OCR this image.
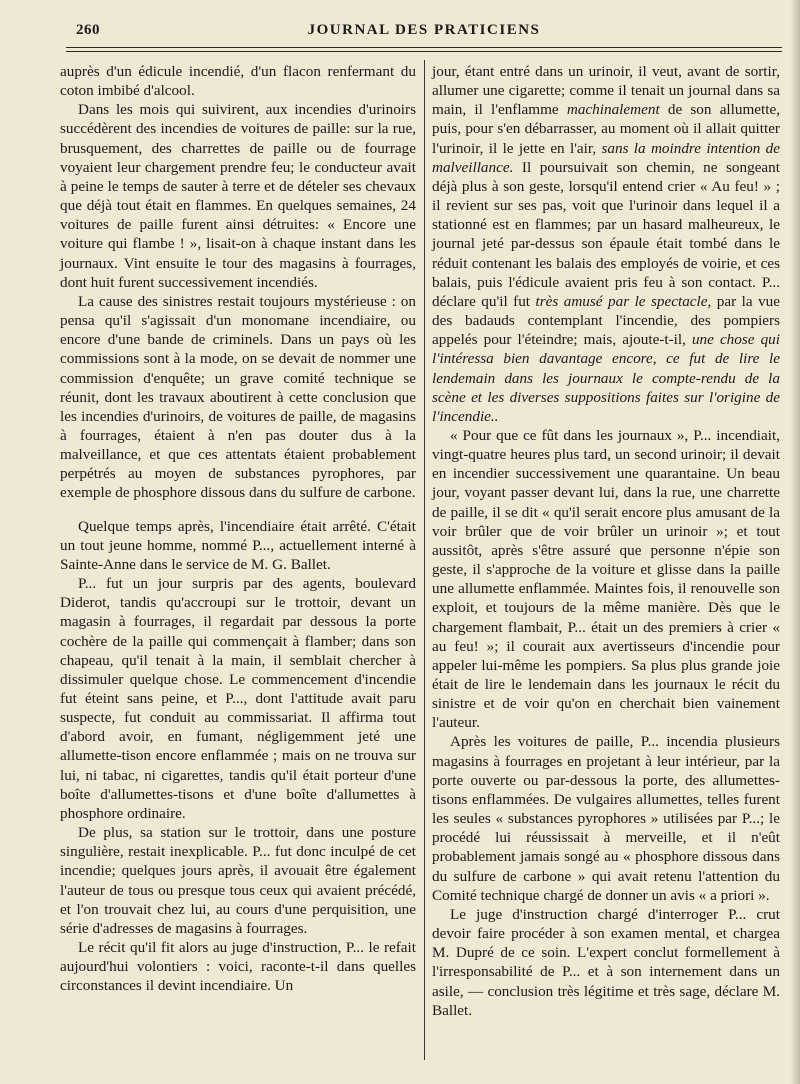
260	JOURNAL DES PRATICIENS

auprès d'un édicule incendié, d'un flacon renfermant du coton imbibé d'alcool.

Dans les mois qui suivirent, aux incendies d'urinoirs succédèrent des incendies de voitures de paille: sur la rue, brusquement, des charrettes de paille ou de fourrage voyaient leur chargement prendre feu; le conducteur avait à peine le temps de sauter à terre et de dételer ses chevaux que déjà tout était en flammes. En quelques semaines, 24 voitures de paille furent ainsi détruites: « Encore une voiture qui flambe ! », lisait-on à chaque instant dans les journaux. Vint ensuite le tour des magasins à fourrages, dont huit furent successivement incendiés.

La cause des sinistres restait toujours mystérieuse : on pensa qu'il s'agissait d'un monomane incendiaire, ou encore d'une bande de criminels. Dans un pays où les commissions sont à la mode, on se devait de nommer une commission d'enquête; un grave comité technique se réunit, dont les travaux aboutirent à cette conclusion que les incendies d'urinoirs, de voitures de paille, de magasins à fourrages, étaient à n'en pas douter dus à la malveillance, et que ces attentats étaient probablement perpétrés au moyen de substances pyrophores, par exemple de phosphore dissous dans du sulfure de carbone.

Quelque temps après, l'incendiaire était arrêté. C'était un tout jeune homme, nommé P..., actuellement interné à Sainte-Anne dans le service de M. G. Ballet.

P... fut un jour surpris par des agents, boulevard Diderot, tandis qu'accroupi sur le trottoir, devant un magasin à fourrages, il regardait par dessous la porte cochère de la paille qui commençait à flamber; dans son chapeau, qu'il tenait à la main, il semblait chercher à dissimuler quelque chose. Le commencement d'incendie fut éteint sans peine, et P..., dont l'attitude avait paru suspecte, fut conduit au commissariat. Il affirma tout d'abord avoir, en fumant, négligemment jeté une allumette-tison encore enflammée ; mais on ne trouva sur lui, ni tabac, ni cigarettes, tandis qu'il était porteur d'une boîte d'allumettes-tisons et d'une boîte d'allumettes à phosphore ordinaire.

De plus, sa station sur le trottoir, dans une posture singulière, restait inexplicable. P... fut donc inculpé de cet incendie; quelques jours après, il avouait être également l'auteur de tous ou presque tous ceux qui avaient précédé, et l'on trouvait chez lui, au cours d'une perquisition, une série d'adresses de magasins à fourrages.

Le récit qu'il fit alors au juge d'instruction, P... le refait aujourd'hui volontiers : voici, raconte-t-il dans quelles circonstances il devint incendiaire. Un

jour, étant entré dans un urinoir, il veut, avant de sortir, allumer une cigarette; comme il tenait un journal dans sa main, il l'enflamme machinalement de son allumette, puis, pour s'en débarrasser, au moment où il allait quitter l'urinoir, il le jette en l'air, sans la moindre intention de malveillance. Il poursuivait son chemin, ne songeant déjà plus à son geste, lorsqu'il entend crier « Au feu! » ; il revient sur ses pas, voit que l'urinoir dans lequel il a stationné est en flammes; par un hasard malheureux, le journal jeté par-dessus son épaule était tombé dans le réduit contenant les balais des employés de voirie, et ces balais, puis l'édicule avaient pris feu à son contact. P... déclare qu'il fut très amusé par le spectacle, par la vue des badauds contemplant l'incendie, des pompiers appelés pour l'éteindre; mais, ajoute-t-il, une chose qui l'intéressa bien davantage encore, ce fut de lire le lendemain dans les journaux le compte-rendu de la scène et les diverses suppositions faites sur l'origine de l'incendie..

« Pour que ce fût dans les journaux », P... incendiait, vingt-quatre heures plus tard, un second urinoir; il devait en incendier successivement une quarantaine. Un beau jour, voyant passer devant lui, dans la rue, une charrette de paille, il se dit « qu'il serait encore plus amusant de la voir brûler que de voir brûler un urinoir »; et tout aussitôt, après s'être assuré que personne n'épie son geste, il s'approche de la voiture et glisse dans la paille une allumette enflammée. Maintes fois, il renouvelle son exploit, et toujours de la même manière. Dès que le chargement flambait, P... était un des premiers à crier « au feu! »; il courait aux avertisseurs d'incendie pour appeler lui-même les pompiers. Sa plus plus grande joie était de lire le lendemain dans les journaux le récit du sinistre et de voir qu'on en cherchait bien vainement l'auteur.

Après les voitures de paille, P... incendia plusieurs magasins à fourrages en projetant à leur intérieur, par la porte ouverte ou par-dessous la porte, des allumettes-tisons enflammées. De vulgaires allumettes, telles furent les seules « substances pyrophores » utilisées par P...; le procédé lui réussissait à merveille, et il n'eût probablement jamais songé au « phosphore dissous dans du sulfure de carbone » qui avait retenu l'attention du Comité technique chargé de donner un avis « a priori ».

Le juge d'instruction chargé d'interroger P... crut devoir faire procéder à son examen mental, et chargea M. Dupré de ce soin. L'expert conclut formellement à l'irresponsabilité de P... et à son internement dans un asile, — conclusion très légitime et très sage, déclare M. Ballet.
